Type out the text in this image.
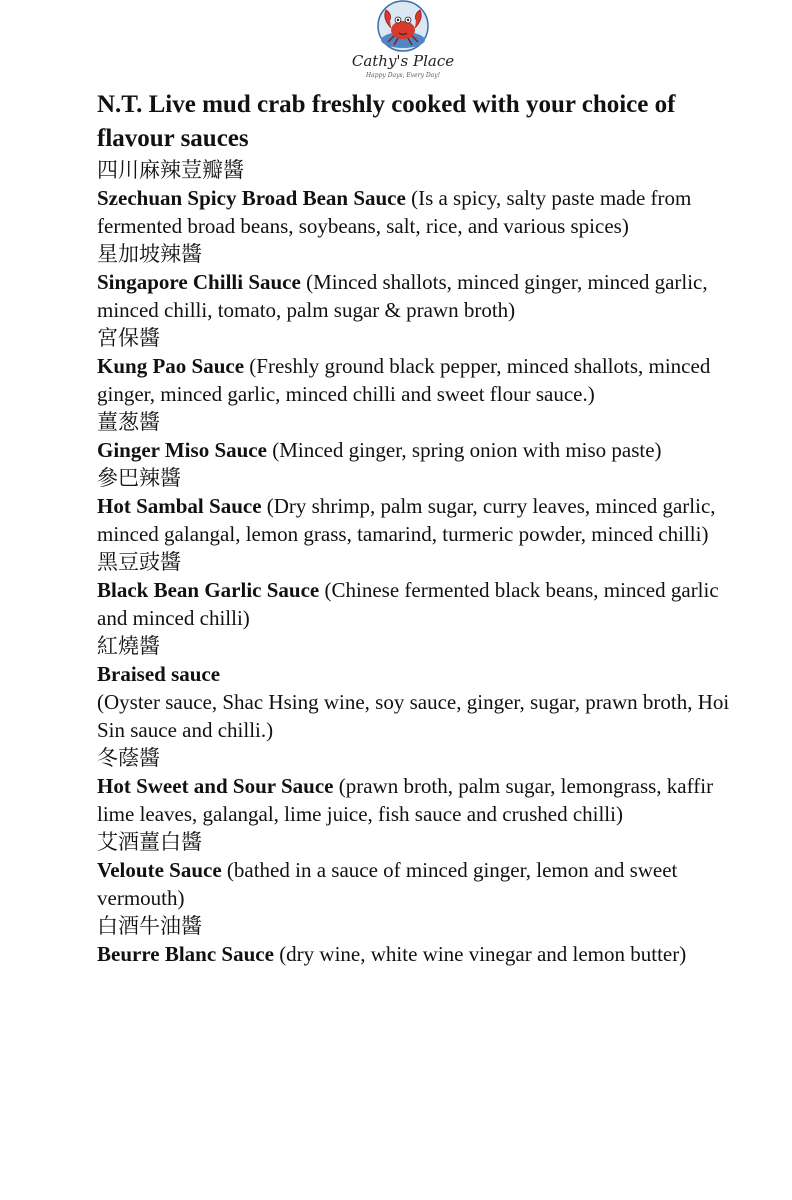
Cathy's Place
Happy Days, Every Day!
N.T. Live mud crab freshly cooked with your choice of flavour sauces

四川麻辣荳瓣醬

Szechuan Spicy Broad Bean Sauce (Is a spicy, salty paste made from fermented broad beans, soybeans, salt, rice, and various spices)

星加坡辣醬

Singapore Chilli Sauce (Minced shallots, minced ginger, minced garlic, minced chilli, tomato, palm sugar & prawn broth)

宮保醬

Kung Pao Sauce (Freshly ground black pepper, minced shallots, minced ginger, minced garlic, minced chilli and sweet flour sauce.)

薑葱醬

Ginger Miso Sauce (Minced ginger, spring onion with miso paste)

參巴辣醬

Hot Sambal Sauce (Dry shrimp, palm sugar, curry leaves, minced garlic, minced galangal, lemon grass, tamarind, turmeric powder, minced chilli)

黑豆豉醬

Black Bean Garlic Sauce (Chinese fermented black beans, minced garlic and minced chilli)

紅燒醬

Braised sauce
(Oyster sauce, Shac Hsing wine, soy sauce, ginger, sugar, prawn broth, Hoi Sin sauce and chilli.)

冬蔭醬

Hot Sweet and Sour Sauce (prawn broth, palm sugar, lemongrass, kaffir lime leaves, galangal, lime juice, fish sauce and crushed chilli)

艾酒薑白醬

Veloute Sauce (bathed in a sauce of minced ginger, lemon and sweet vermouth)

白酒牛油醬

Beurre Blanc Sauce (dry wine, white wine vinegar and lemon butter)
